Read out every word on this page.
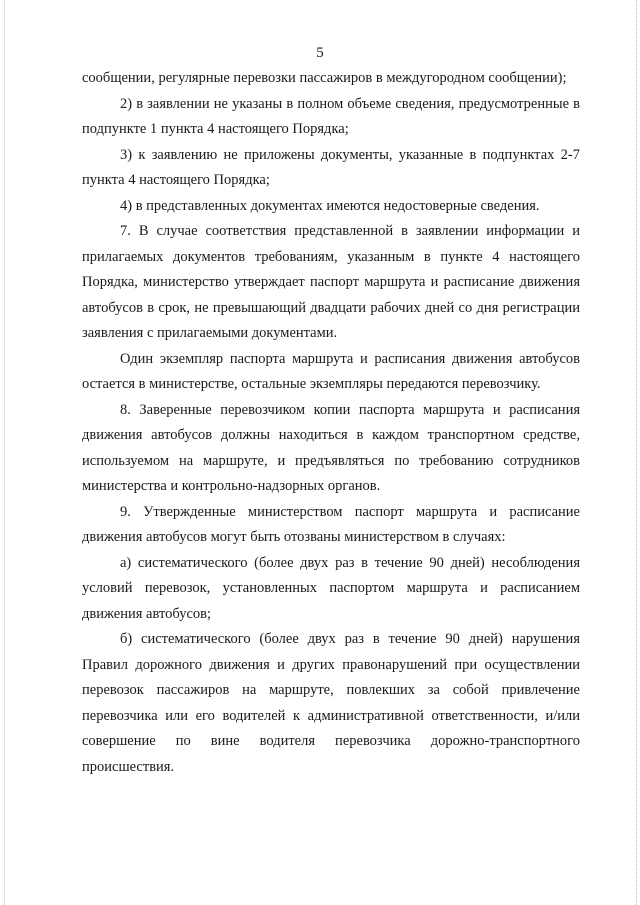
5

сообщении, регулярные перевозки пассажиров в междугородном сообщении);

2) в заявлении не указаны в полном объеме сведения, предусмотренные в подпункте 1 пункта 4 настоящего Порядка;

3) к заявлению не приложены документы, указанные в подпунктах 2-7 пункта 4 настоящего Порядка;

4) в представленных документах имеются недостоверные сведения.

7. В случае соответствия представленной в заявлении информации и прилагаемых документов требованиям, указанным в пункте 4 настоящего Порядка, министерство утверждает паспорт маршрута и расписание движения автобусов в срок, не превышающий двадцати рабочих дней со дня регистрации заявления с прилагаемыми документами.

Один экземпляр паспорта маршрута и расписания движения автобусов остается в министерстве, остальные экземпляры передаются перевозчику.

8. Заверенные перевозчиком копии паспорта маршрута и расписания движения автобусов должны находиться в каждом транспортном средстве, используемом на маршруте, и предъявляться по требованию сотрудников министерства и контрольно-надзорных органов.

9. Утвержденные министерством паспорт маршрута и расписание движения автобусов могут быть отозваны министерством в случаях:

а) систематического (более двух раз в течение 90 дней) несоблюдения условий перевозок, установленных паспортом маршрута и расписанием движения автобусов;

б) систематического (более двух раз в течение 90 дней) нарушения Правил дорожного движения и других правонарушений при осуществлении перевозок пассажиров на маршруте, повлекших за собой привлечение перевозчика или его водителей к административной ответственности, и/или совершение по вине водителя перевозчика дорожно-транспортного происшествия.
